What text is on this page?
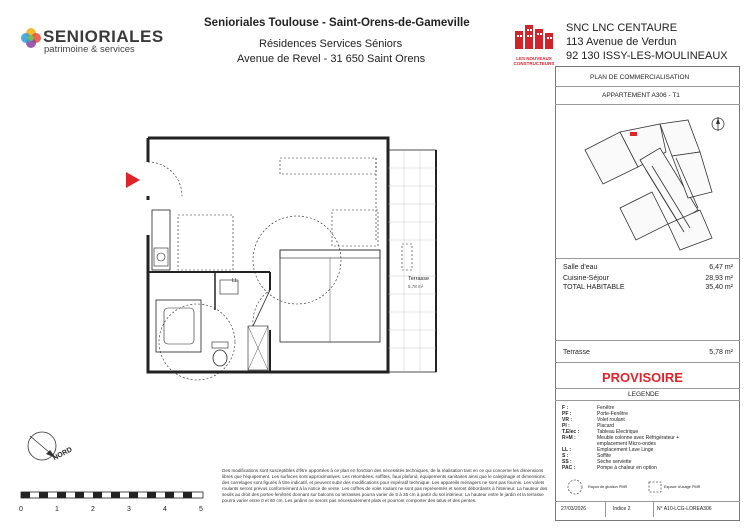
SENIORIALES
patrimoine & services
Senioriales Toulouse - Saint-Orens-de-Gameville
Résidences Services Séniors
Avenue de Revel - 31 650 Saint Orens	LES NOUVEAUX CONSTRUCTEURS
SNC LNC CENTAURE
113 Avenue de Verdun
92 130 ISSY-LES-MOULINEAUX
PLAN DE COMMERCIALISATION
APPARTEMENT A306 - T1
Salle d'eau	6,47 m²
Cuisine-Séjour	28,93 m²
TOTAL HABITABLE	35,40 m²
Terrasse	5,78 m²
PROVISOIRE
LEGENDE
F :	Fenêtre
PF :	Porte-Fenêtre
VR :	Volet roulant
Pl :	Placard
T.Elec :	Tableau Electrique
R+M :	Meuble colonne avec Réfrigérateur +
emplacement Micro-ondes
LL :	Emplacement Lave Linge
S :	Soffite
SS :	Sèche serviette
PAC :	Pompe à chaleur en option
Rayon de giration PMR	Espace d'usage PMR
27/03/2026	Indice 2	N° A10-LCG-LOREA306
Terrasse
5,78 m²
LL
NORD
0	1	2	3	4	5
Des modifications sont susceptibles d'être apportées à ce plan en fonction des nécessités techniques, de la réalisation tant en ce qui concerne les dimensions libres que l'équipement. Les surfaces sont approximatives. Les retombées, soffites, faux plafond, équipements sanitaires ainsi que le calepinage et dimensions des carrelages sont figurés à titre indicatif, et peuvent subir des modifications pour impératif technique. Les appareils ménagers ne sont pas fournis. Les volets roulants seront prévus conformément à la notice de vente. Les coffres de volet roulant ne sont pas représentés et seront débordants à l'intérieur. La hauteur des seuils au droit des portes-fenêtres donnant sur balcons ou terrasses pourra varier de 5 à 35 cm à partir du sol intérieur. La hauteur entre le jardin et la terrasse pourra varier entre 0 et 60 cm. Les jardins ne seront pas nécessairement plats et pourront comporter des talus et des pentes.
